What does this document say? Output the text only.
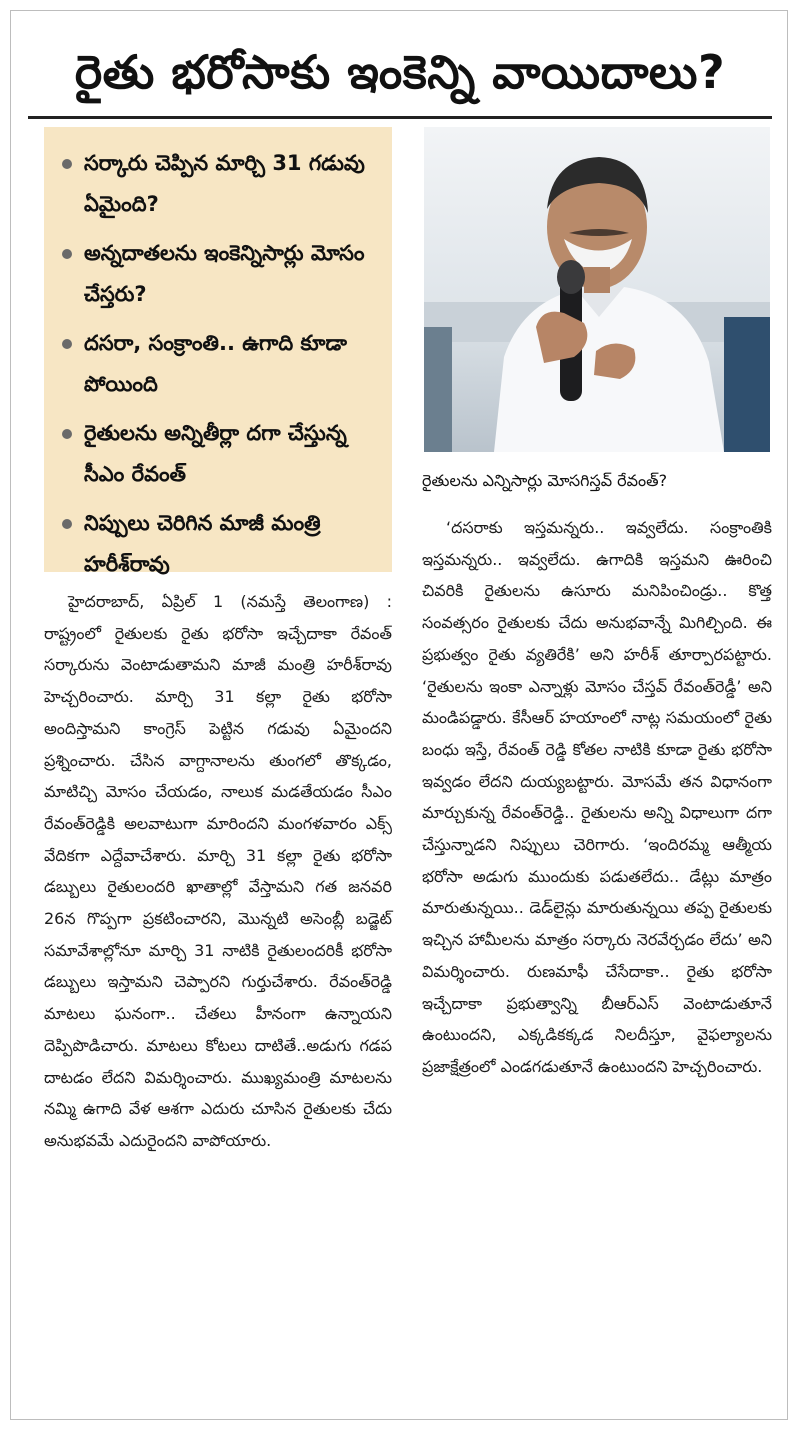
రైతు భరోసాకు ఇంకెన్ని వాయిదాలు?
సర్కారు చెప్పిన మార్చి 31 గడువు ఏమైంది?
అన్నదాతలను ఇంకెన్నిసార్లు మోసం చేస్తరు?
దసరా, సంక్రాంతి.. ఉగాది కూడా పోయింది
రైతులను అన్నితీర్లా దగా చేస్తున్న సీఎం రేవంత్
నిప్పులు చెరిగిన మాజీ మంత్రి హరీశ్‌రావు
రైతులను ఎన్నిసార్లు మోసగిస్తవ్ రేవంత్?
హైదరాబాద్, ఏప్రిల్ 1 (నమస్తే తెలంగాణ) : రాష్ట్రంలో రైతులకు రైతు భరోసా ఇచ్చేదాకా రేవంత్ సర్కారును వెంటాడుతామని మాజీ మంత్రి హరీశ్‌రావు హెచ్చరించారు. మార్చి 31 కల్లా రైతు భరోసా అందిస్తామని కాంగ్రెస్ పెట్టిన గడువు ఏమైందని ప్రశ్నించారు. చేసిన వాగ్దానాలను తుంగలో తొక్కడం, మాటిచ్చి మోసం చేయడం, నాలుక మడతేయడం సీఎం రేవంత్‌రెడ్డికి అలవాటుగా మారిందని మంగళవారం ఎక్స్ వేదికగా ఎద్దేవాచేశారు. మార్చి 31 కల్లా రైతు భరోసా డబ్బులు రైతులందరి ఖాతాల్లో వేస్తామని గత జనవరి 26న గొప్పగా ప్రకటించారని, మొన్నటి అసెంబ్లీ బడ్జెట్ సమావేశాల్లోనూ మార్చి 31 నాటికి రైతులందరికీ భరోసా డబ్బులు ఇస్తామని చెప్పారని గుర్తుచేశారు. రేవంత్‌రెడ్డి మాటలు ఘనంగా.. చేతలు హీనంగా ఉన్నాయని దెప్పిపొడిచారు. మాటలు కోటలు దాటితే..అడుగు గడప దాటడం లేదని విమర్శించారు. ముఖ్యమంత్రి మాటలను నమ్మి ఉగాది వేళ ఆశగా ఎదురు చూసిన రైతులకు చేదు అనుభవమే ఎదురైందని వాపోయారు.
‘దసరాకు ఇస్తమన్నరు.. ఇవ్వలేదు. సంక్రాంతికి ఇస్తమన్నరు.. ఇవ్వలేదు. ఉగాదికి ఇస్తమని ఊరించి చివరికి రైతులను ఉసూరు మనిపించిండ్రు.. కొత్త సంవత్సరం రైతులకు చేదు అనుభవాన్నే మిగిల్చింది. ఈ ప్రభుత్వం రైతు వ్యతిరేకి’ అని హరీశ్ తూర్పారపట్టారు. ‘రైతులను ఇంకా ఎన్నాళ్లు మోసం చేస్తవ్ రేవంత్‌రెడ్డీ’ అని మండిపడ్డారు. కేసీఆర్ హయాంలో నాట్ల సమయంలో రైతు బంధు ఇస్తే, రేవంత్ రెడ్డి కోతల నాటికి కూడా రైతు భరోసా ఇవ్వడం లేదని దుయ్యబట్టారు. మోసమే తన విధానంగా మార్చుకున్న రేవంత్‌రెడ్డి.. రైతులను అన్ని విధాలుగా దగా చేస్తున్నాడని నిప్పులు చెరిగారు. ‘ఇందిరమ్మ ఆత్మీయ భరోసా అడుగు ముందుకు పడుతలేదు.. డేట్లు మాత్రం మారుతున్నయి.. డెడ్‌లైన్లు మారుతున్నయి తప్ప రైతులకు ఇచ్చిన హామీలను మాత్రం సర్కారు నెరవేర్చడం లేదు’ అని విమర్శించారు. రుణమాఫీ చేసేదాకా.. రైతు భరోసా ఇచ్చేదాకా ప్రభుత్వాన్ని బీఆర్ఎస్ వెంటాడుతూనే ఉంటుందని, ఎక్కడికక్కడ నిలదీస్తూ, వైఫల్యాలను ప్రజాక్షేత్రంలో ఎండగడుతూనే ఉంటుందని హెచ్చరించారు.
